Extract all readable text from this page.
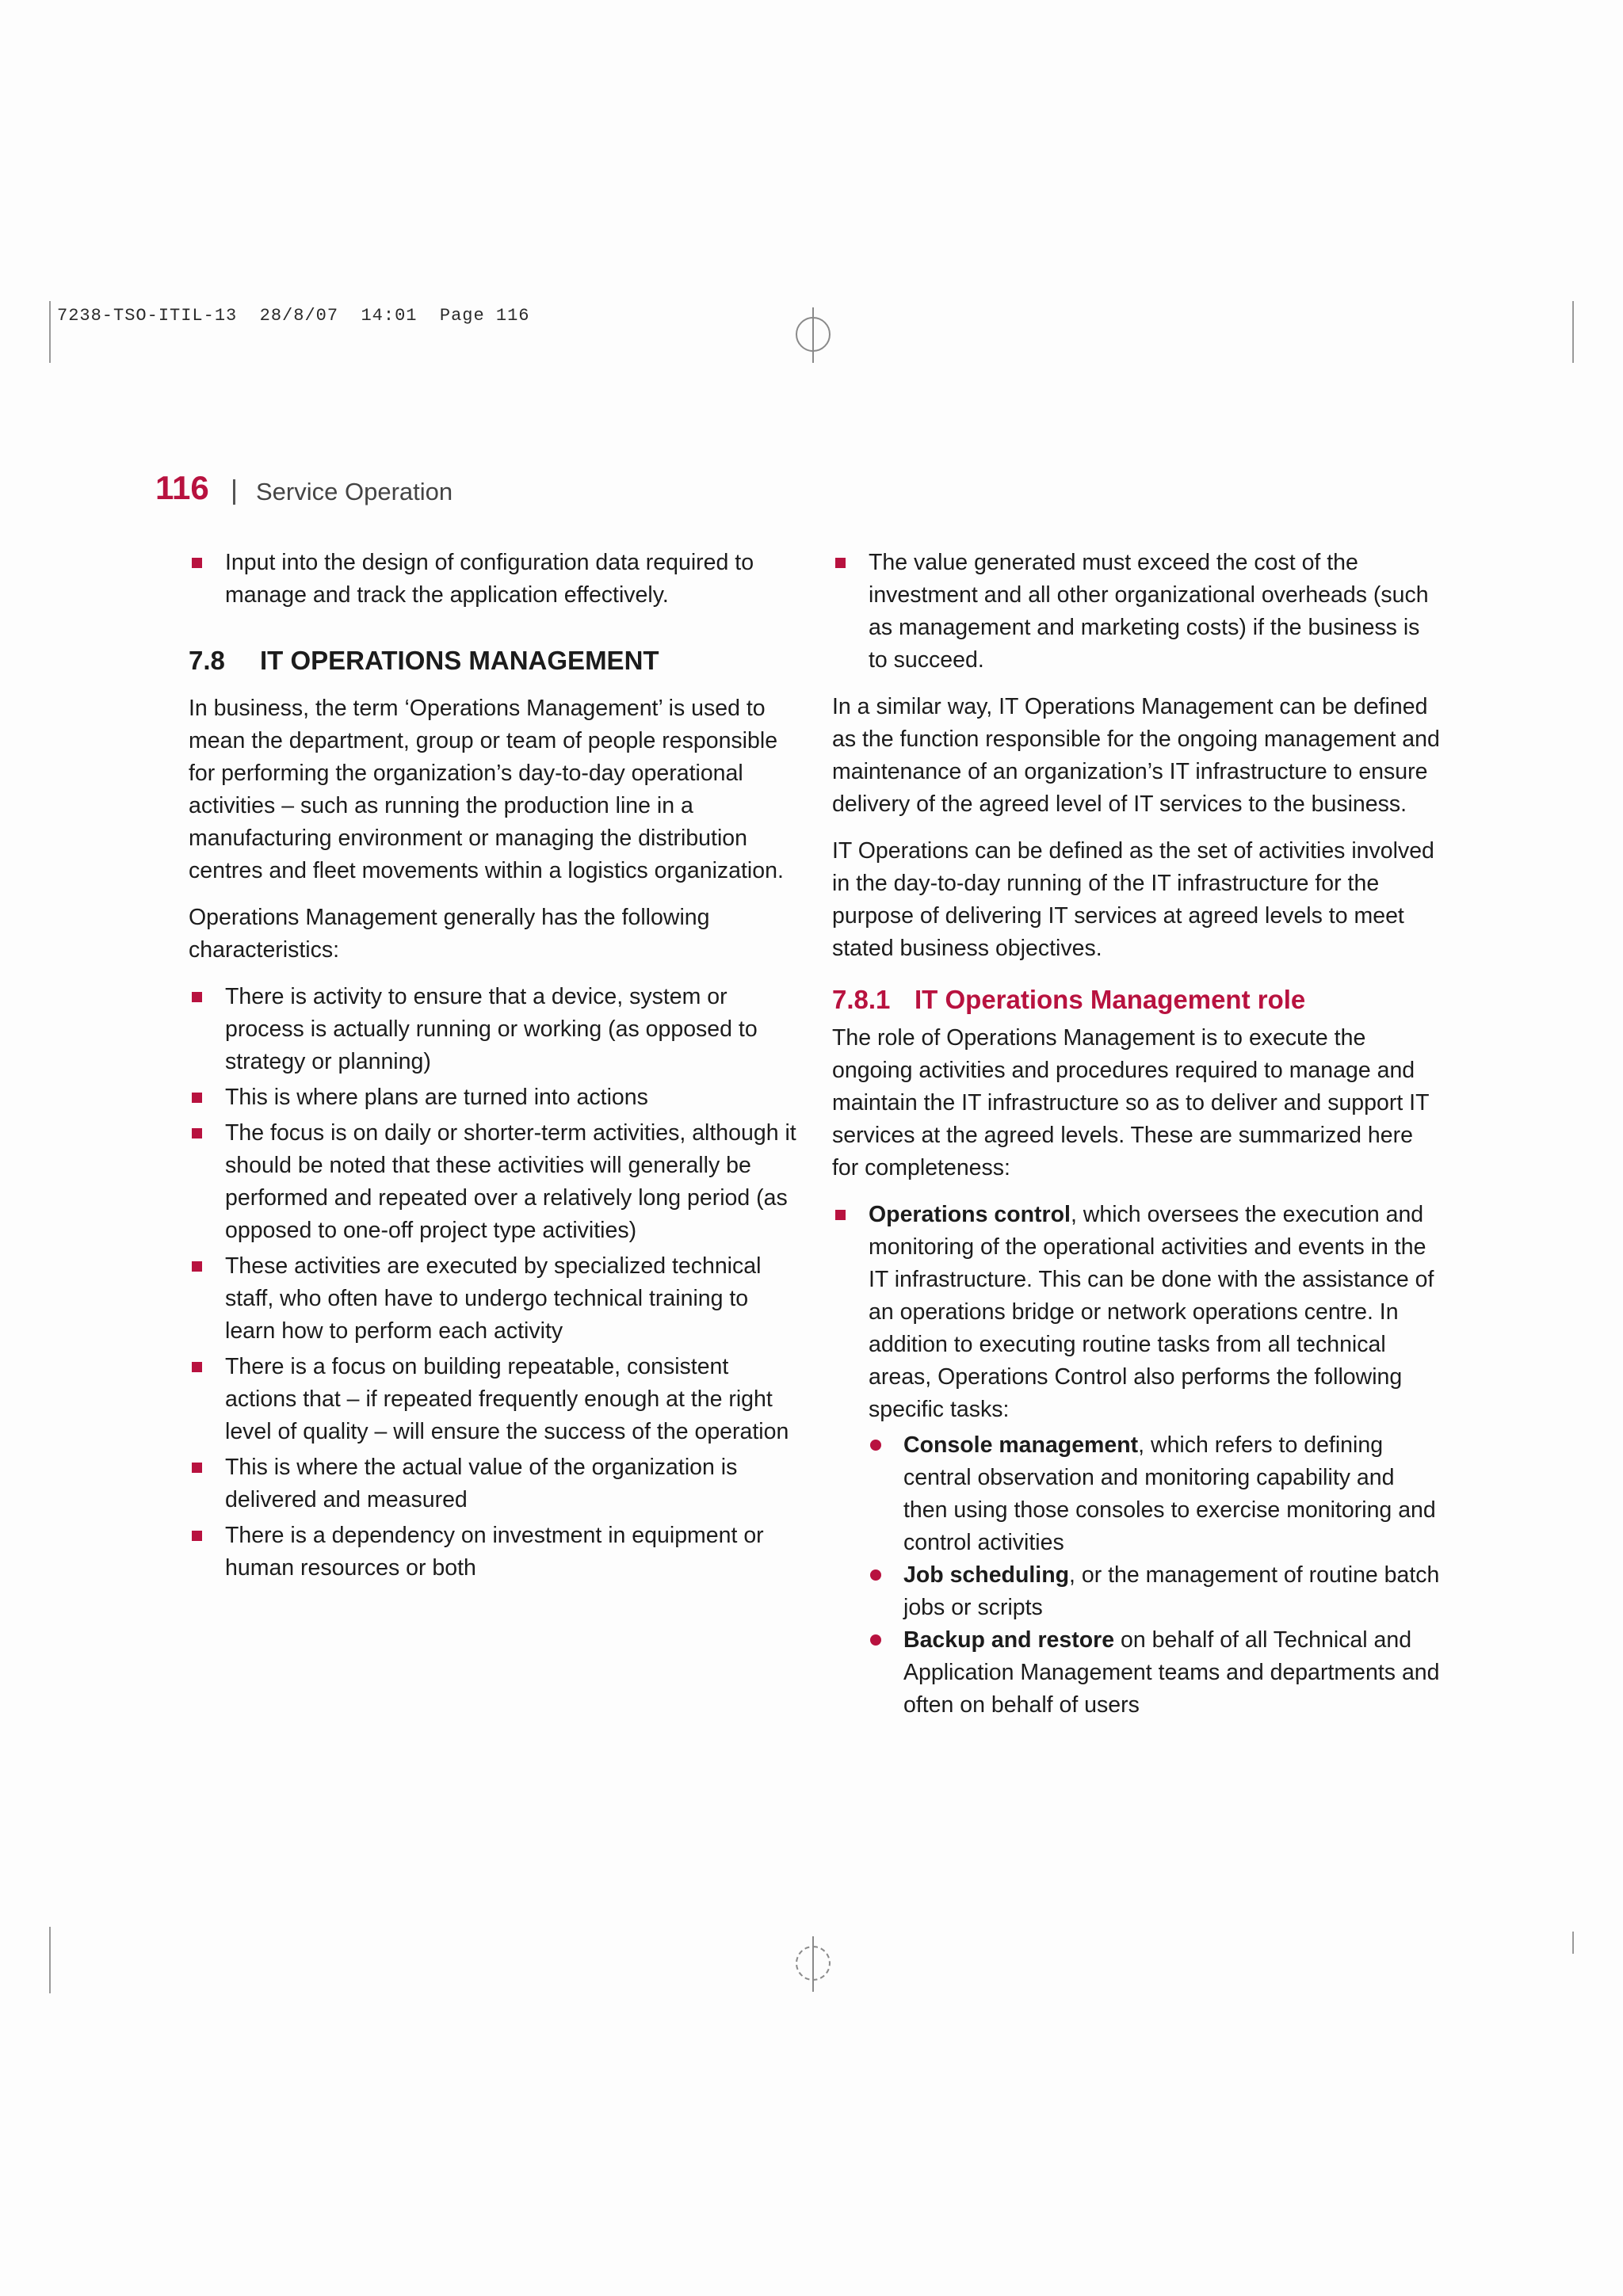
7238-TSO-ITIL-13  28/8/07  14:01  Page 116
116 Service Operation
Input into the design of configuration data required to manage and track the application effectively.
7.8 IT OPERATIONS MANAGEMENT

In business, the term ‘Operations Management’ is used to mean the department, group or team of people responsible for performing the organization’s day-to-day operational activities – such as running the production line in a manufacturing environment or managing the distribution centres and fleet movements within a logistics organization.

Operations Management generally has the following characteristics:

There is activity to ensure that a device, system or process is actually running or working (as opposed to strategy or planning)
This is where plans are turned into actions
The focus is on daily or shorter-term activities, although it should be noted that these activities will generally be performed and repeated over a relatively long period (as opposed to one-off project type activities)
These activities are executed by specialized technical staff, who often have to undergo technical training to learn how to perform each activity
There is a focus on building repeatable, consistent actions that – if repeated frequently enough at the right level of quality – will ensure the success of the operation
This is where the actual value of the organization is delivered and measured
There is a dependency on investment in equipment or human resources or both
The value generated must exceed the cost of the investment and all other organizational overheads (such as management and marketing costs) if the business is to succeed.

In a similar way, IT Operations Management can be defined as the function responsible for the ongoing management and maintenance of an organization’s IT infrastructure to ensure delivery of the agreed level of IT services to the business.

IT Operations can be defined as the set of activities involved in the day-to-day running of the IT infrastructure for the purpose of delivering IT services at agreed levels to meet stated business objectives.

7.8.1 IT Operations Management role

The role of Operations Management is to execute the ongoing activities and procedures required to manage and maintain the IT infrastructure so as to deliver and support IT services at the agreed levels. These are summarized here for completeness:

Operations control, which oversees the execution and monitoring of the operational activities and events in the IT infrastructure. This can be done with the assistance of an operations bridge or network operations centre. In addition to executing routine tasks from all technical areas, Operations Control also performs the following specific tasks:
Console management, which refers to defining central observation and monitoring capability and then using those consoles to exercise monitoring and control activities
Job scheduling, or the management of routine batch jobs or scripts
Backup and restore on behalf of all Technical and Application Management teams and departments and often on behalf of users
